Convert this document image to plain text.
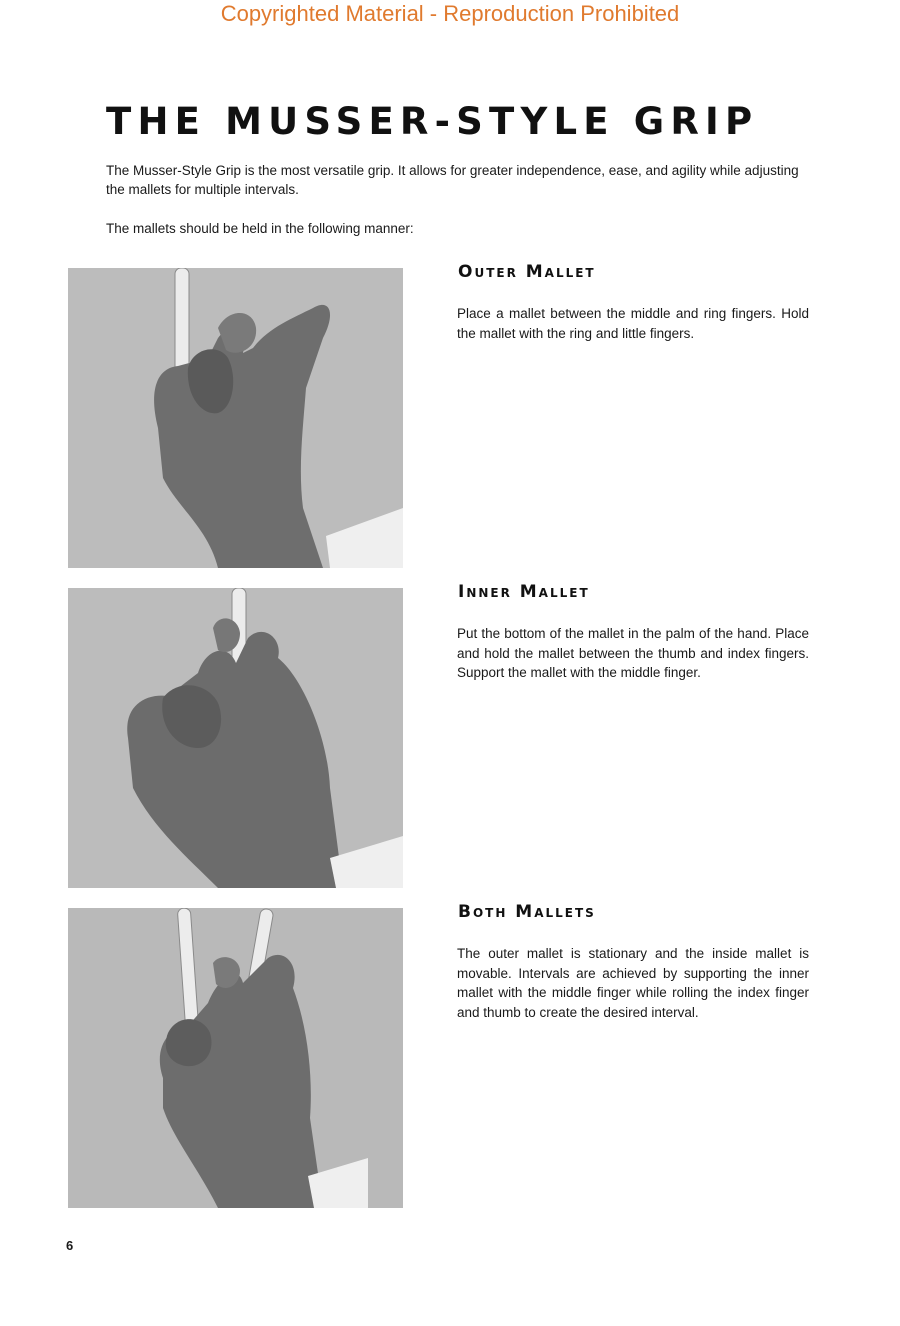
Copyrighted Material - Reproduction Prohibited
THE MUSSER-STYLE GRIP

The Musser-Style Grip is the most versatile grip. It allows for greater independence, ease, and agility while adjusting the mallets for multiple intervals.

The mallets should be held in the following manner:

Outer Mallet

Place a mallet between the middle and ring fingers. Hold the mallet with the ring and little fingers.

Inner Mallet

Put the bottom of the mallet in the palm of the hand. Place and hold the mallet between the thumb and index fingers. Support the mallet with the middle finger.

Both Mallets

The outer mallet is stationary and the inside mallet is movable. Intervals are achieved by supporting the inner mallet with the middle finger while rolling the index finger and thumb to create the desired interval.

6
